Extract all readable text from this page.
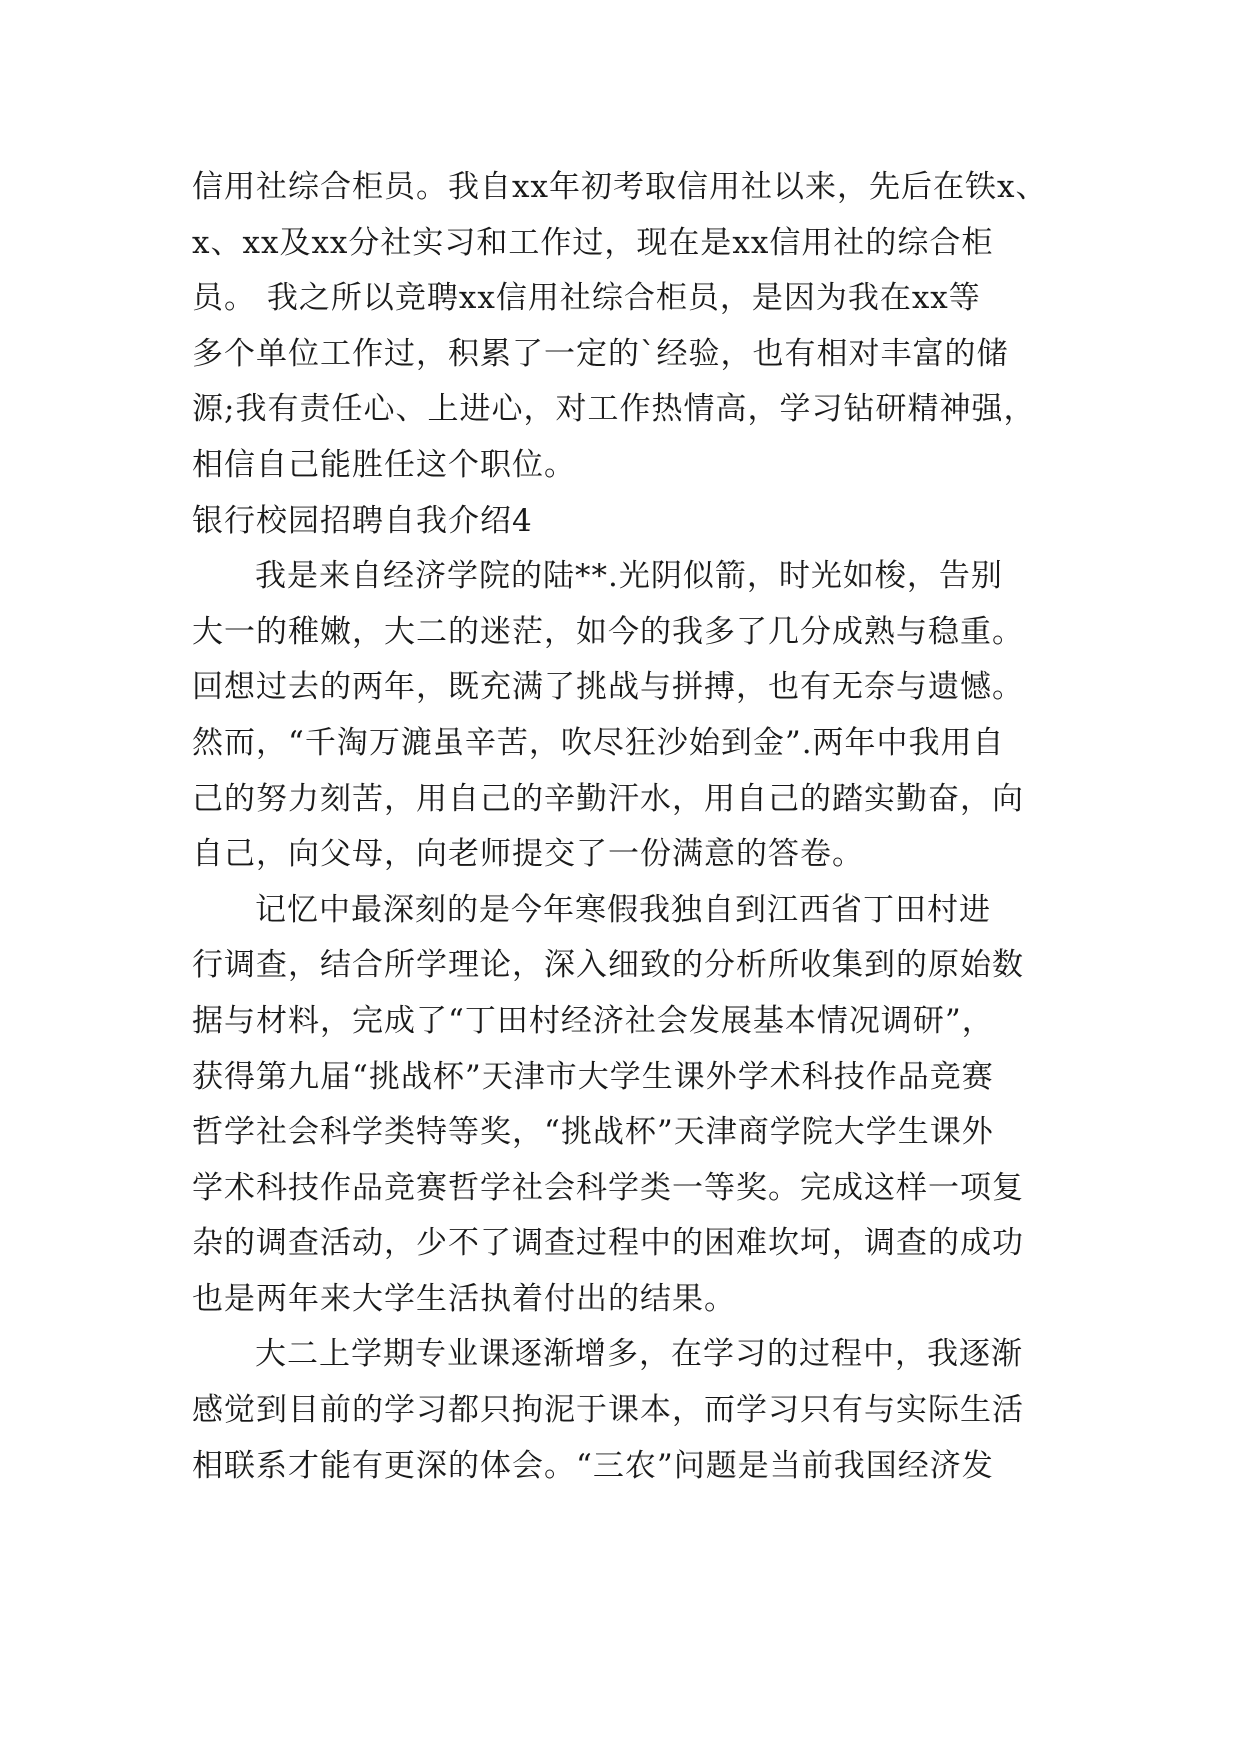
信用社综合柜员。我自xx年初考取信用社以来，先后在铁x、
x、xx及xx分社实习和工作过，现在是xx信用社的综合柜
员。 我之所以竞聘xx信用社综合柜员，是因为我在xx等
多个单位工作过，积累了一定的`经验，也有相对丰富的储
源;我有责任心、上进心，对工作热情高，学习钻研精神强，
相信自己能胜任这个职位。
银行校园招聘自我介绍4
我是来自经济学院的陆**.光阴似箭，时光如梭，告别
大一的稚嫩，大二的迷茫，如今的我多了几分成熟与稳重。
回想过去的两年，既充满了挑战与拼搏，也有无奈与遗憾。
然而，“千淘万漉虽辛苦，吹尽狂沙始到金”.两年中我用自
己的努力刻苦，用自己的辛勤汗水，用自己的踏实勤奋，向
自己，向父母，向老师提交了一份满意的答卷。
记忆中最深刻的是今年寒假我独自到江西省丁田村进
行调查，结合所学理论，深入细致的分析所收集到的原始数
据与材料，完成了“丁田村经济社会发展基本情况调研”，
获得第九届“挑战杯”天津市大学生课外学术科技作品竞赛
哲学社会科学类特等奖，“挑战杯”天津商学院大学生课外
学术科技作品竞赛哲学社会科学类一等奖。完成这样一项复
杂的调查活动，少不了调查过程中的困难坎坷，调查的成功
也是两年来大学生活执着付出的结果。
大二上学期专业课逐渐增多，在学习的过程中，我逐渐
感觉到目前的学习都只拘泥于课本，而学习只有与实际生活
相联系才能有更深的体会。“三农”问题是当前我国经济发
